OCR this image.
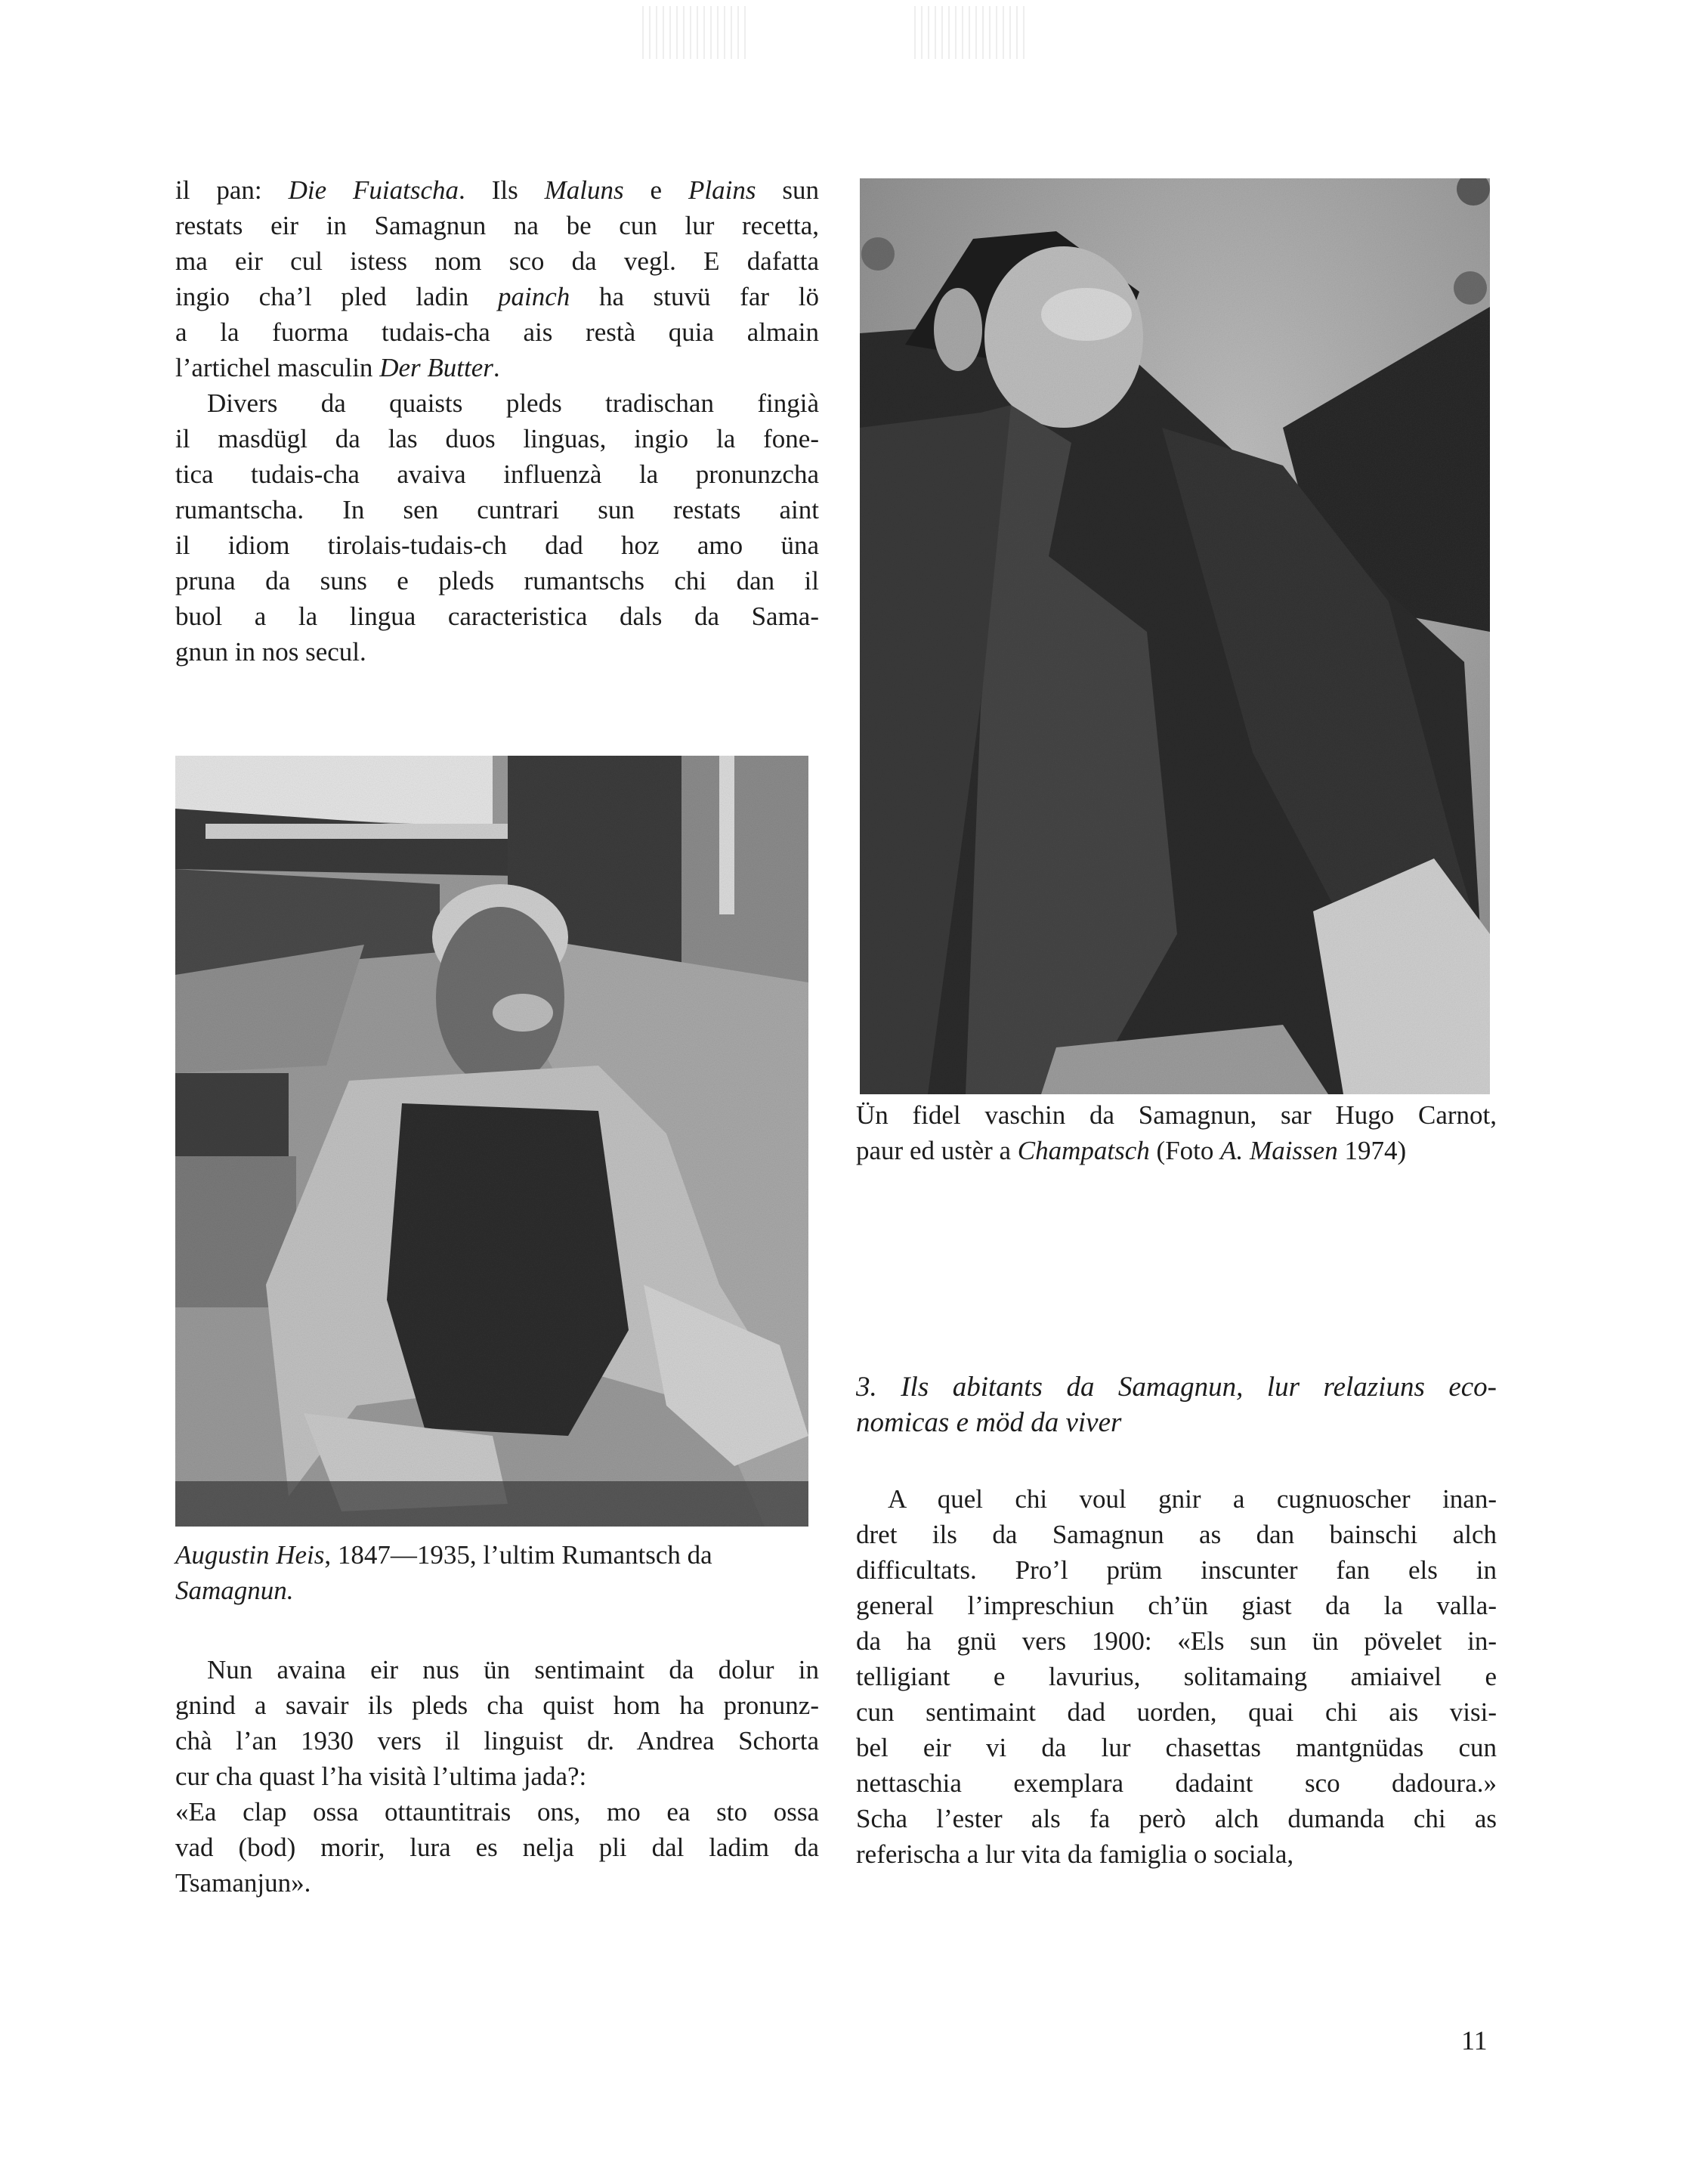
il pan: Die Fuiatscha. Ils Maluns e Plains sun
restats eir in Samagnun na be cun lur recetta,
ma eir cul istess nom sco da vegl. E dafatta
ingio cha’l pled ladin painch ha stuvü far lö
a la fuorma tudais-cha ais restà quia almain
l’artichel masculin Der Butter.
Divers da quaists pleds tradischan fingià
il masdügl da las duos linguas, ingio la fone-
tica tudais-cha avaiva influenzà la pronunzcha
rumantscha. In sen cuntrari sun restats aint
il idiom tirolais-tudais-ch dad hoz amo üna
pruna da suns e pleds rumantschs chi dan il
buol a la lingua caracteristica dals da Sama-
gnun in nos secul.
Augustin Heis, 1847—1935, l’ultim Rumantsch da
Samagnun.
Nun avaina eir nus ün sentimaint da dolur in
gnind a savair ils pleds cha quist hom ha pronunz-
chà l’an 1930 vers il linguist dr. Andrea Schorta
cur cha quast l’ha visità l’ultima jada?:
«Ea clap ossa ottauntitrais ons, mo ea sto ossa
vad (bod) morir, lura es nelja pli dal ladim da
Tsamanjun».
Ün fidel vaschin da Samagnun, sar Hugo Carnot,
paur ed ustèr a Champatsch (Foto A. Maissen 1974)
3. Ils abitants da Samagnun, lur relaziuns eco-
nomicas e möd da viver
A quel chi voul gnir a cugnuoscher inan-
dret ils da Samagnun as dan bainschi alch
difficultats. Pro’l prüm inscunter fan els in
general l’impreschiun ch’ün giast da la valla-
da ha gnü vers 1900: «Els sun ün pövelet in-
telligiant e lavurius, solitamaing amiaivel e
cun sentimaint dad uorden, quai chi ais visi-
bel eir vi da lur chasettas mantgnüdas cun
nettaschia exemplara dadaint sco dadoura.»
Scha l’ester als fa però alch dumanda chi as
referischa a lur vita da famiglia o sociala,
11
